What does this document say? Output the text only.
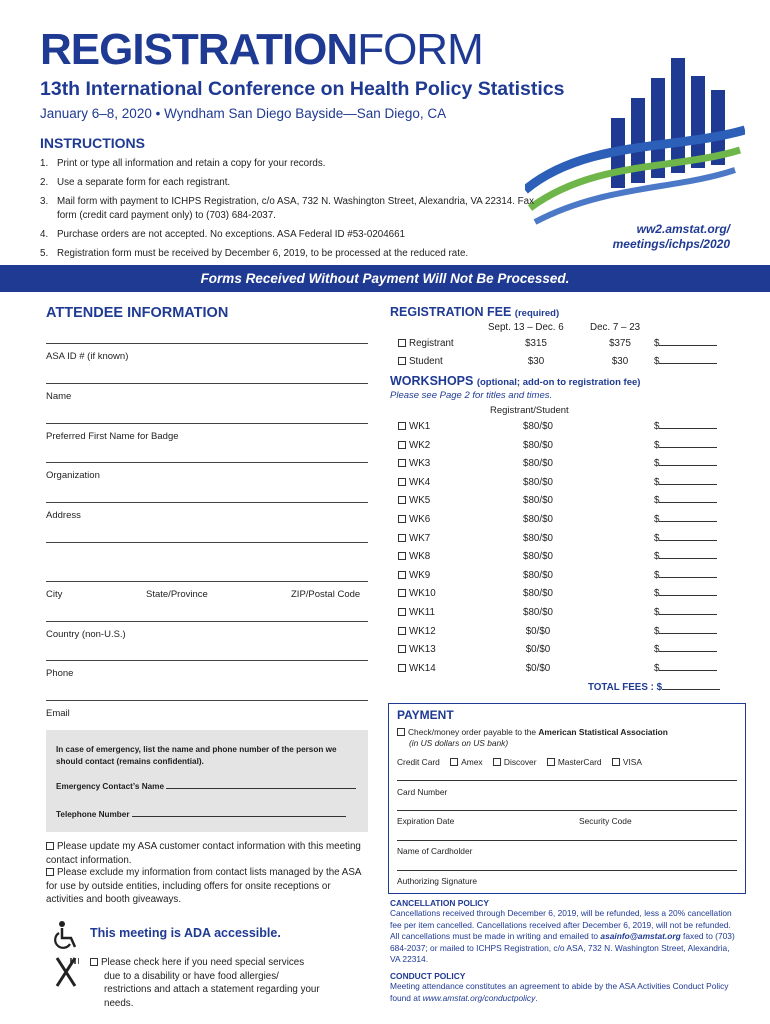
REGISTRATIONFORM
13th International Conference on Health Policy Statistics
January 6–8, 2020 • Wyndham San Diego Bayside—San Diego, CA
INSTRUCTIONS
1. Print or type all information and retain a copy for your records.
2. Use a separate form for each registrant.
3. Mail form with payment to ICHPS Registration, c/o ASA, 732 N. Washington Street, Alexandria, VA 22314. Fax form (credit card payment only) to (703) 684-2037.
4. Purchase orders are not accepted. No exceptions. ASA Federal ID #53-0204661
5. Registration form must be received by December 6, 2019, to be processed at the reduced rate.
ww2.amstat.org/
meetings/ichps/2020
Forms Received Without Payment Will Not Be Processed.
ATTENDEE INFORMATION
ASA ID # (if known)
Name
Preferred First Name for Badge
Organization
Address
City	State/Province	ZIP/Postal Code
Country (non-U.S.)
Phone
Email
In case of emergency, list the name and phone number of the person we should contact (remains confidential).
Emergency Contact’s Name
Telephone Number
Please update my ASA customer contact information with this meeting contact information.
Please exclude my information from contact lists managed by the ASA for use by outside entities, including offers for onsite receptions or activities and booth giveaways.
This meeting is ADA accessible.
Please check here if you need special services due to a disability or have food allergies/ restrictions and attach a statement regarding your needs.
REGISTRATION FEE (required)
Sept. 13 – Dec. 6	Dec. 7 – 23
Registrant	$315	$375	$
Student	$30	$30	$
WORKSHOPS (optional; add-on to registration fee)
Please see Page 2 for titles and times.
Registrant/Student
WK1	$80/$0	$
WK2	$80/$0	$
WK3	$80/$0	$
WK4	$80/$0	$
WK5	$80/$0	$
WK6	$80/$0	$
WK7	$80/$0	$
WK8	$80/$0	$
WK9	$80/$0	$
WK10	$80/$0	$
WK11	$80/$0	$
WK12	$0/$0	$
WK13	$0/$0	$
WK14	$0/$0	$
TOTAL FEES : $
PAYMENT
Check/money order payable to the American Statistical Association
(in US dollars on US bank)
Credit Card	Amex	Discover	MasterCard	VISA
Card Number
Expiration Date	Security Code
Name of Cardholder
Authorizing Signature
CANCELLATION POLICY
Cancellations received through December 6, 2019, will be refunded, less a 20% cancellation fee per item cancelled. Cancellations received after December 6, 2019, will not be refunded. All cancellations must be made in writing and emailed to asainfo@amstat.org faxed to (703) 684-2037; or mailed to ICHPS Registration, c/o ASA, 732 N. Washington Street, Alexandria, VA 22314.
CONDUCT POLICY
Meeting attendance constitutes an agreement to abide by the ASA Activities Conduct Policy found at www.amstat.org/conductpolicy.
